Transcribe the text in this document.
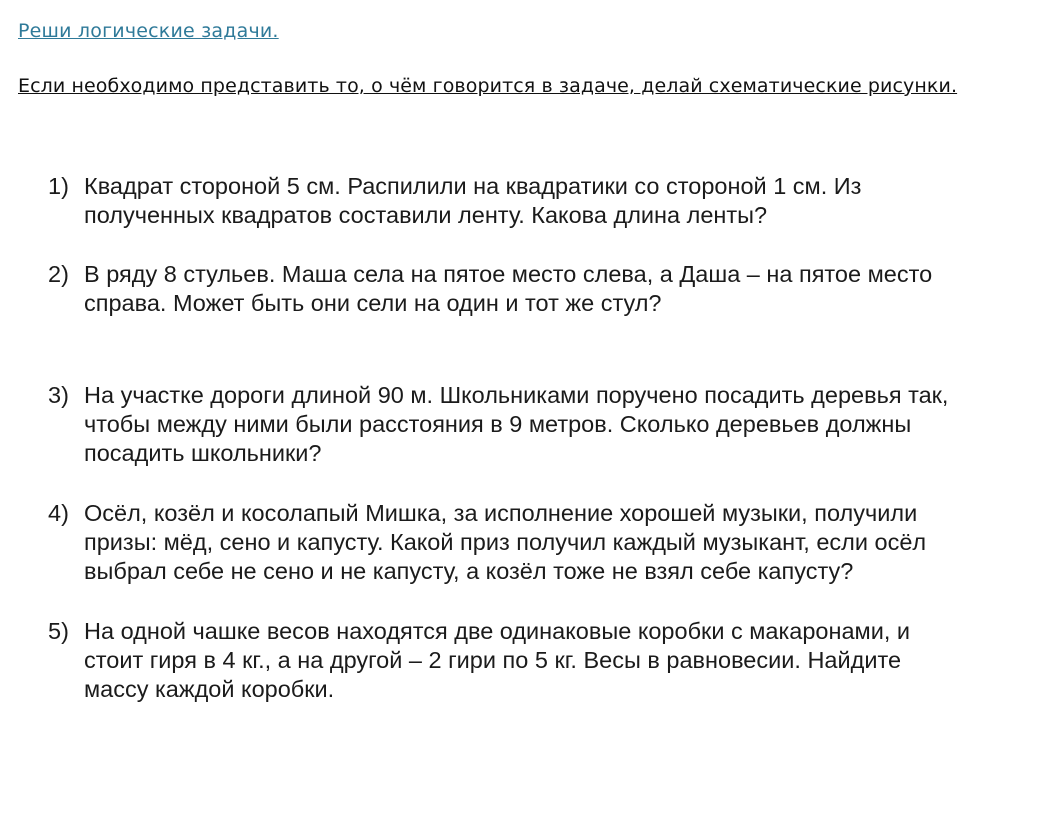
Реши логические задачи.
Если необходимо представить то, о чём говорится в задаче, делай схематические рисунки.
1) Квадрат стороной 5 см. Распилили на квадратики со стороной 1 см. Из
полученных квадратов составили ленту. Какова длина ленты?
2) В ряду 8 стульев. Маша села на пятое место слева, а Даша – на пятое место
справа. Может быть они сели на один и тот же стул?
3) На участке дороги длиной 90 м. Школьниками поручено посадить деревья так,
чтобы между ними были расстояния в 9 метров. Сколько деревьев должны
посадить школьники?
4) Осёл, козёл и косолапый Мишка, за исполнение хорошей музыки, получили
призы: мёд, сено и капусту. Какой приз получил каждый музыкант, если осёл
выбрал себе не сено и не капусту, а козёл тоже не взял себе капусту?
5) На одной чашке весов находятся две одинаковые коробки с макаронами, и
стоит гиря в 4 кг., а на другой – 2 гири по 5 кг. Весы в равновесии. Найдите
массу каждой коробки.
